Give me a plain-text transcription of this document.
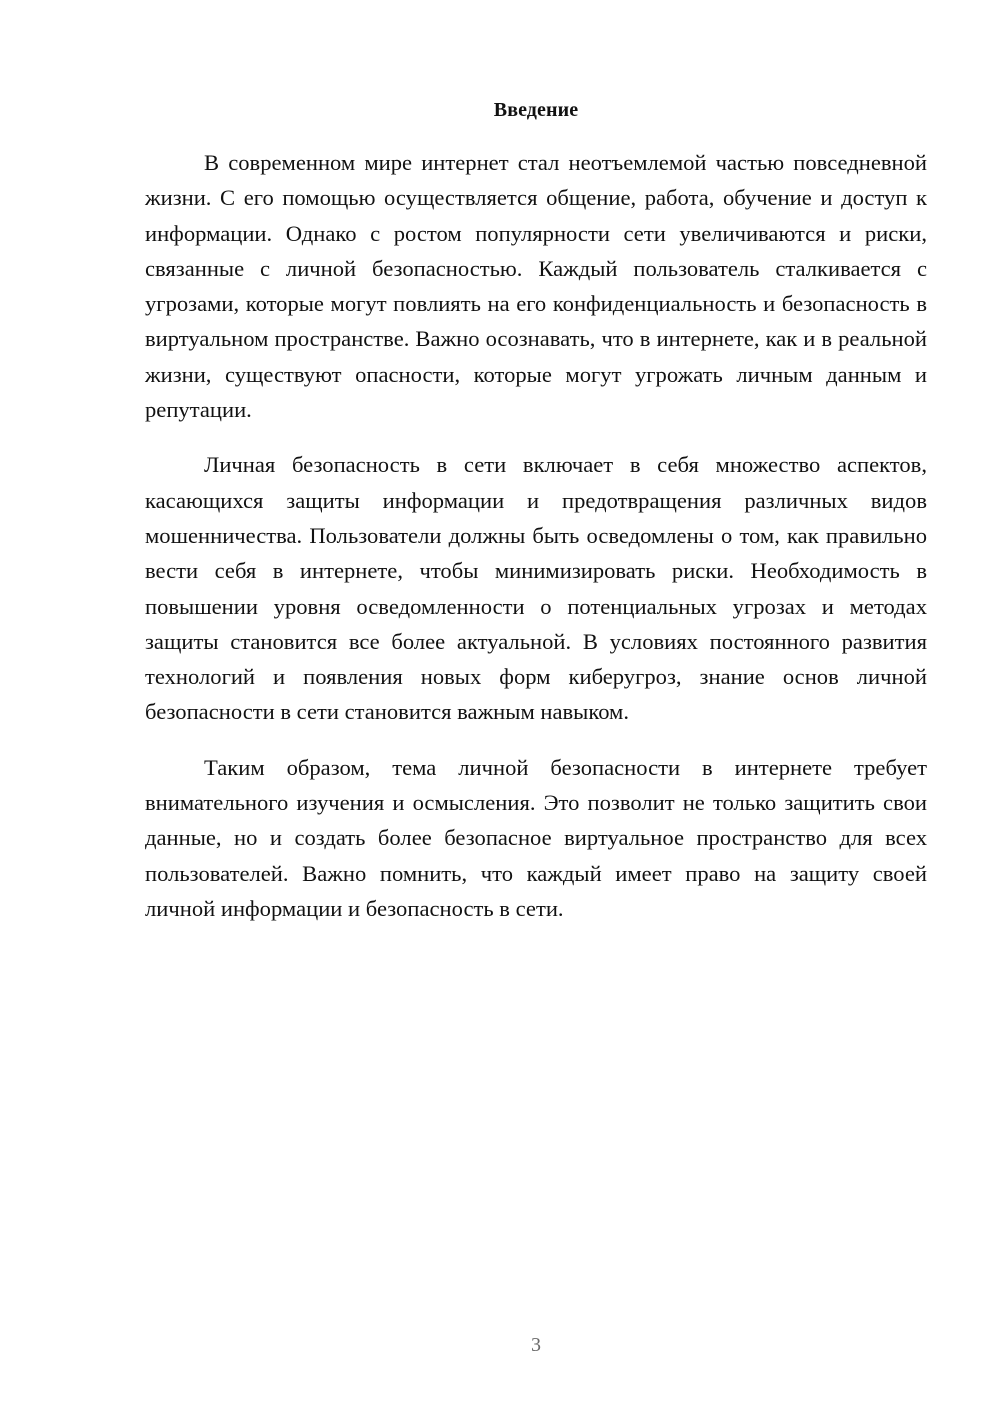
Введение

В современном мире интернет стал неотъемлемой частью повседневной жизни. С его помощью осуществляется общение, работа, обучение и доступ к информации. Однако с ростом популярности сети увеличиваются и риски, связанные с личной безопасностью. Каждый пользователь сталкивается с угрозами, которые могут повлиять на его конфиденциальность и безопасность в виртуальном пространстве. Важно осознавать, что в интернете, как и в реальной жизни, существуют опасности, которые могут угрожать личным данным и репутации.

Личная безопасность в сети включает в себя множество аспектов, касающихся защиты информации и предотвращения различных видов мошенничества. Пользователи должны быть осведомлены о том, как правильно вести себя в интернете, чтобы минимизировать риски. Необходимость в повышении уровня осведомленности о потенциальных угрозах и методах защиты становится все более актуальной. В условиях постоянного развития технологий и появления новых форм киберугроз, знание основ личной безопасности в сети становится важным навыком.

Таким образом, тема личной безопасности в интернете требует внимательного изучения и осмысления. Это позволит не только защитить свои данные, но и создать более безопасное виртуальное пространство для всех пользователей. Важно помнить, что каждый имеет право на защиту своей личной информации и безопасность в сети.

3
